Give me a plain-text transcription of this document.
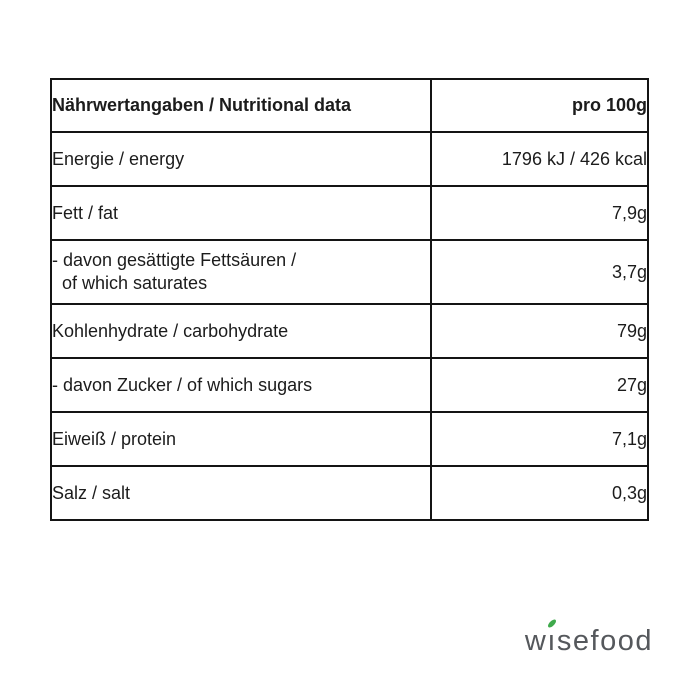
Nährwertangaben / Nutritional data	pro 100g
Energie / energy	1796 kJ / 426 kcal
Fett / fat	7,9g

- davon gesättigte Fettsäuren /
of which saturates	3,7g
Kohlenhydrate / carbohydrate	79g
- davon Zucker / of which sugars	27g
Eiweiß / protein	7,1g
Salz / salt	0,3g
w
ısefood
